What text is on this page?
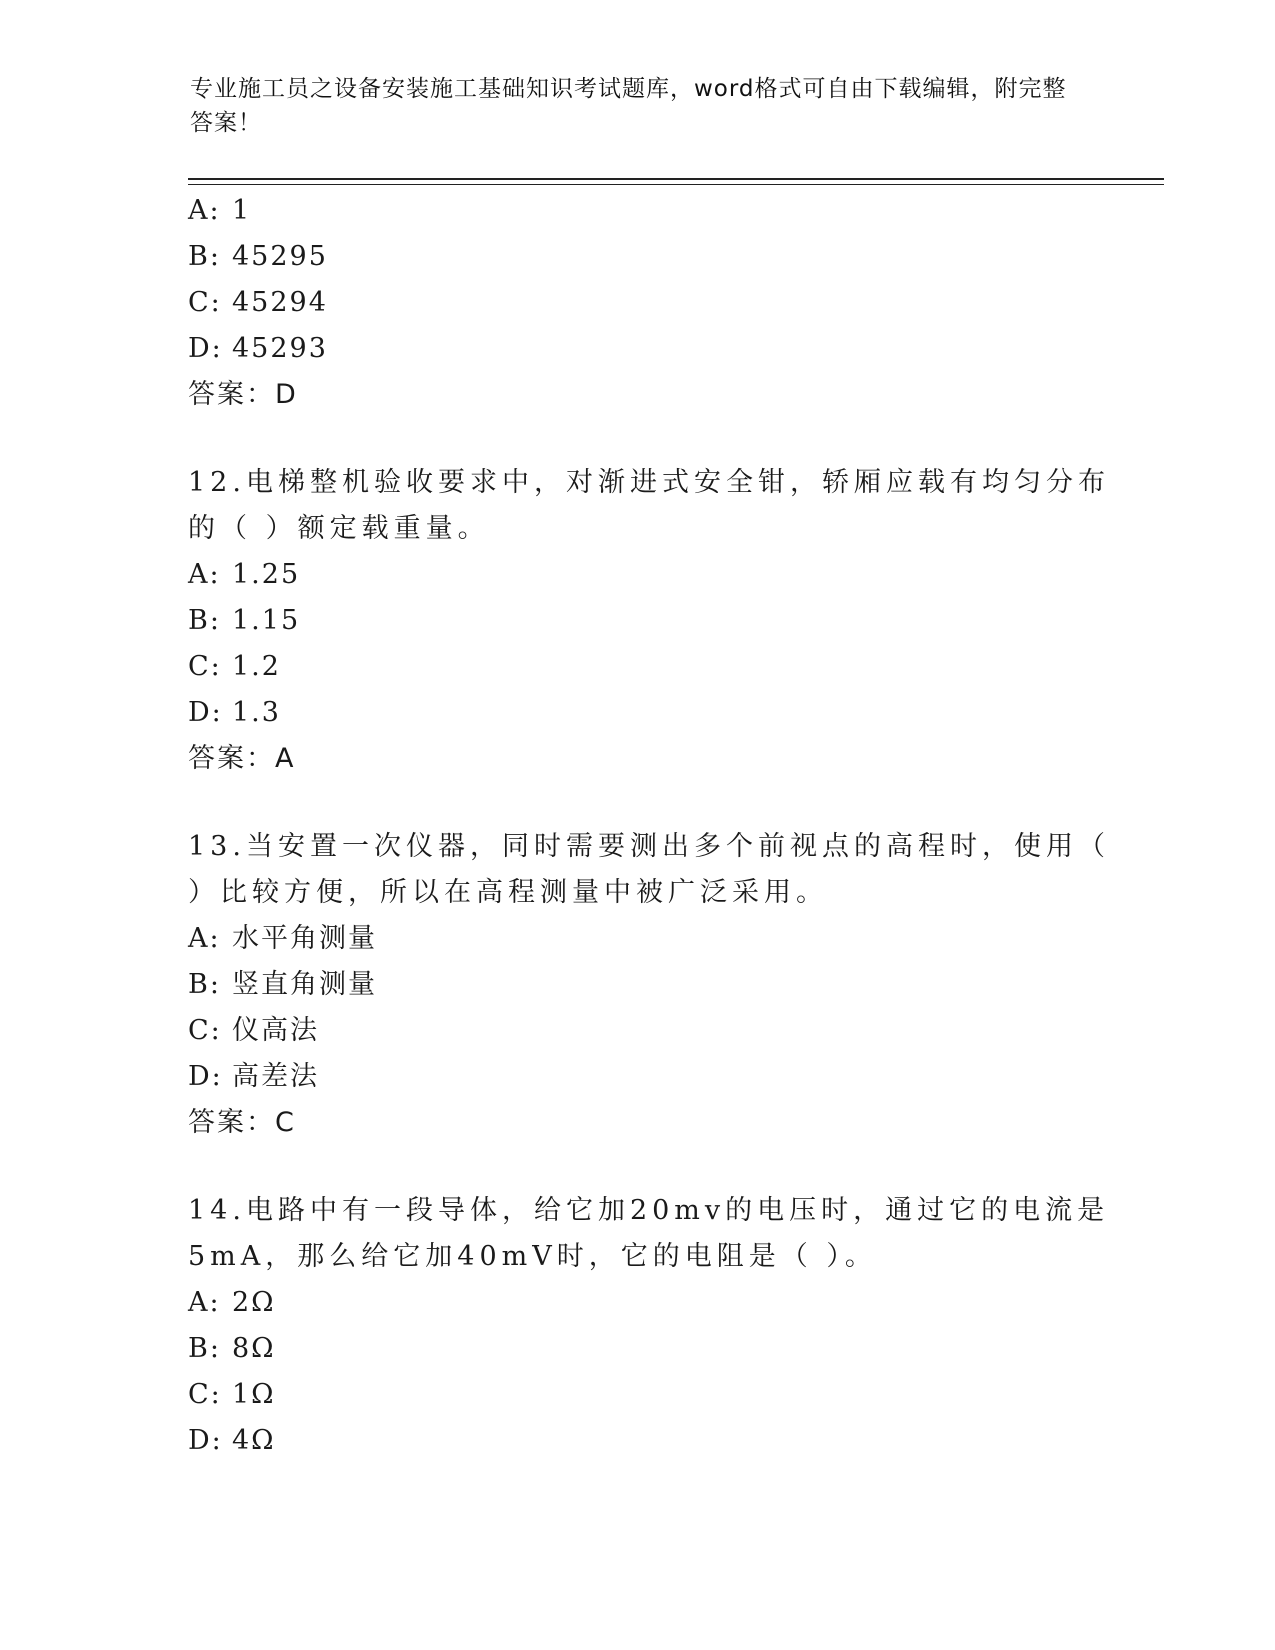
专业施工员之设备安装施工基础知识考试题库，word格式可自由下载编辑，附完整答案！
A: 1
B: 45295
C: 45294
D: 45293
答案：D

12.电梯整机验收要求中，对渐进式安全钳，轿厢应载有均匀分布的（ ）额定载重量。

A: 1.25
B: 1.15
C: 1.2
D: 1.3
答案：A

13.当安置一次仪器，同时需要测出多个前视点的高程时，使用（ ）比较方便，所以在高程测量中被广泛采用。

A: 水平角测量
B: 竖直角测量
C: 仪高法
D: 高差法
答案：C

14.电路中有一段导体，给它加20mv的电压时，通过它的电流是5mA，那么给它加40mV时，它的电阻是（ ）。

A: 2Ω
B: 8Ω
C: 1Ω
D: 4Ω
